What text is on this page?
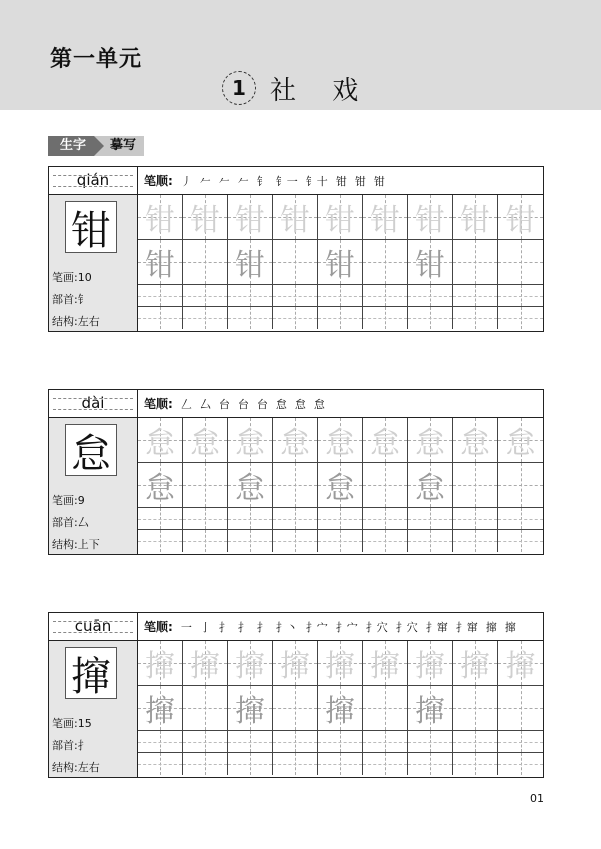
第一单元
1 社 戏
生字	摹写
qián	笔顺: 丿 𠂉 𠂉 𠂉 钅 钅一 钅十 钳 钳 钳
钳
笔画:10
部首:钅
结构:左右
钳 钳 钳 钳 钳 钳 钳 钳 钳
钳 钳 钳 钳
dài	笔顺: 𠃋 厶 台 台 台 怠 怠 怠
怠
笔画:9
部首:厶
结构:上下
怠 怠 怠 怠 怠 怠 怠 怠 怠
怠 怠 怠 怠
cuān	笔顺: 一 亅 扌 扌 扌 扌丶 扌宀 扌宀 扌穴 扌穴 扌窜 扌窜 撺 撺
撺
笔画:15
部首:扌
结构:左右
撺 撺 撺 撺 撺 撺 撺 撺 撺
撺 撺 撺 撺
01
